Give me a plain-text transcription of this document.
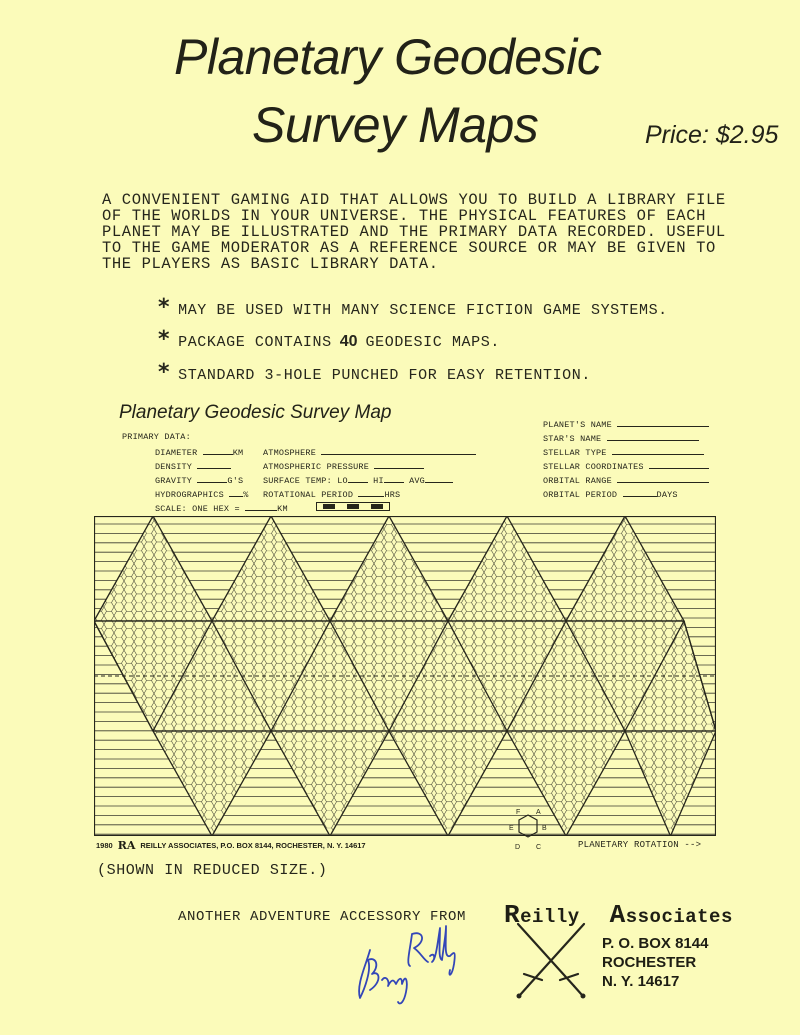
Planetary Geodesic
Survey Maps	Price: $2.95
A CONVENIENT GAMING AID THAT ALLOWS YOU TO BUILD A LIBRARY FILE
OF THE WORLDS IN YOUR UNIVERSE. THE PHYSICAL FEATURES OF EACH
PLANET MAY BE ILLUSTRATED AND THE PRIMARY DATA RECORDED. USEFUL
TO THE GAME MODERATOR AS A REFERENCE SOURCE OR MAY BE GIVEN TO
THE PLAYERS AS BASIC LIBRARY DATA.
* MAY BE USED WITH MANY SCIENCE FICTION GAME SYSTEMS.
* PACKAGE CONTAINS 40 GEODESIC MAPS.
* STANDARD 3-HOLE PUNCHED FOR EASY RETENTION.
Planetary Geodesic Survey Map
PRIMARY DATA:
DIAMETER	KM ATMOSPHERE
DENSITY	ATMOSPHERIC PRESSURE
GRAVITY	G'S SURFACE TEMP: LO	HI	AVG
HYDROGRAPHICS % ROTATIONAL PERIOD	HRS
SCALE: ONE HEX =	KM
PLANET'S NAME
STAR'S NAME
STELLAR TYPE
STELLAR COORDINATES
ORBITAL RANGE
ORBITAL PERIOD	DAYS
1980 RA REILLY ASSOCIATES, P.O. BOX 8144, ROCHESTER, N. Y. 14617
F A
E	B
D C	PLANETARY ROTATION -->
(SHOWN IN REDUCED SIZE.)
ANOTHER ADVENTURE ACCESSORY FROM Reilly Associates
P. O. BOX 8144
ROCHESTER
N. Y. 14617
